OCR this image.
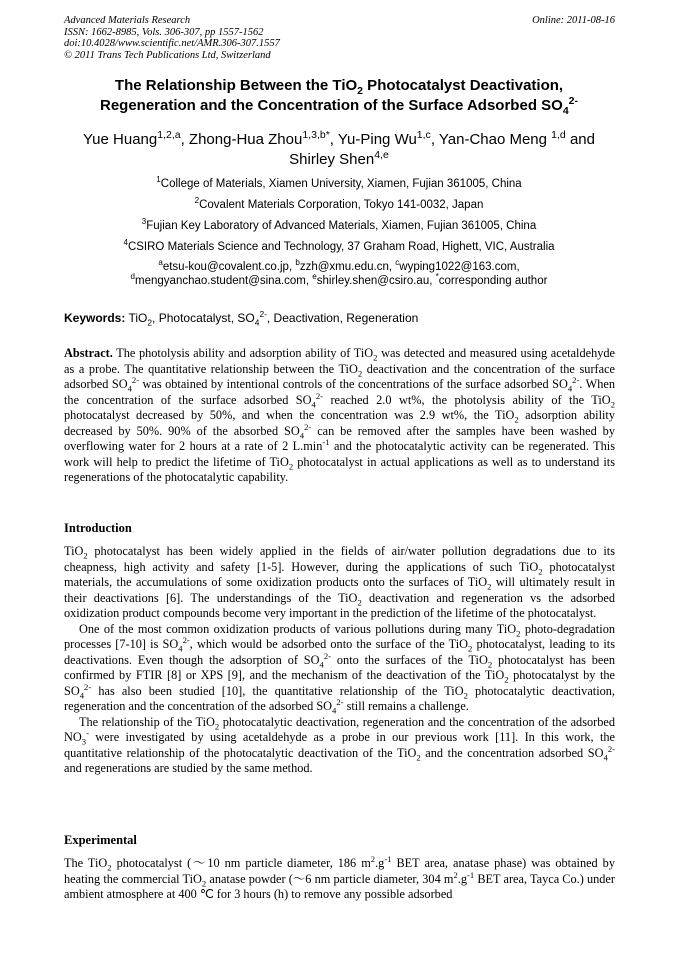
Advanced Materials Research
ISSN: 1662-8985, Vols. 306-307, pp 1557-1562
doi:10.4028/www.scientific.net/AMR.306-307.1557
© 2011 Trans Tech Publications Ltd, Switzerland
Online: 2011-08-16
The Relationship Between the TiO$_2$ Photocatalyst Deactivation,
Regeneration and the Concentration of the Surface Adsorbed $SO_4^{2-}$
Yue Huang$^{1,2,a}$, Zhong-Hua Zhou$^{1,3,b*}$, Yu-Ping Wu$^{1,c}$, Yan-Chao Meng $^{1,d}$ and
Shirley Shen$^{4,e}$
$^1$College of Materials, Xiamen University, Xiamen, Fujian 361005, China
$^2$Covalent Materials Corporation, Tokyo 141-0032, Japan
$^3$Fujian Key Laboratory of Advanced Materials, Xiamen, Fujian 361005, China
$^4$CSIRO Materials Science and Technology, 37 Graham Road, Highett, VIC, Australia
$^a$etsu-kou@covalent.co.jp, $^b$zzh@xmu.edu.cn, $^c$wyping1022@163.com,
$^d$mengyanchao.student@sina.com, $^e$shirley.shen@csiro.au, *corresponding author
Keywords: TiO$_2$, Photocatalyst, $SO_4^{2-}$, Deactivation, Regeneration

Abstract. The photolysis ability and adsorption ability of TiO$_2$ was detected and measured using acetaldehyde as a probe. The quantitative relationship between the TiO$_2$ deactivation and the concentration of the surface adsorbed $SO_4^{2-}$ was obtained by intentional controls of the concentrations of the surface adsorbed $SO_4^{2-}$. When the concentration of the surface adsorbed $SO_4^{2-}$ reached 2.0 wt%, the photolysis ability of the TiO$_2$ photocatalyst decreased by 50%, and when the concentration was 2.9 wt%, the TiO$_2$ adsorption ability decreased by 50%. 90% of the absorbed $SO_4^{2-}$ can be removed after the samples have been washed by overflowing water for 2 hours at a rate of 2 $L.\min^{-1}$ and the photocatalytic activity can be regenerated. This work will help to predict the lifetime of TiO$_2$ photocatalyst in actual applications as well as to understand its regenerations of the photocatalytic capability.

Introduction

TiO$_2$ photocatalyst has been widely applied in the fields of air/water pollution degradations due to its cheapness, high activity and safety [1-5]. However, during the applications of such TiO$_2$ photocatalyst materials, the accumulations of some oxidization products onto the surfaces of TiO$_2$ will ultimately result in their deactivations [6]. The understandings of the TiO$_2$ deactivation and regeneration vs the adsorbed oxidization product compounds become very important in the prediction of the lifetime of the photocatalyst.

One of the most common oxidization products of various pollutions during many TiO$_2$ photo-degradation processes [7-10] is $SO_4^{2-}$, which would be adsorbed onto the surface of the TiO$_2$ photocatalyst, leading to its deactivations. Even though the adsorption of $SO_4^{2-}$ onto the surfaces of the TiO$_2$ photocatalyst has been confirmed by FTIR [8] or XPS [9], and the mechanism of the deactivation of the TiO$_2$ photocatalyst by the $SO_4^{2-}$ has also been studied [10], the quantitative relationship of the TiO$_2$ photocatalytic deactivation, regeneration and the concentration of the adsorbed $SO_4^{2-}$ still remains a challenge.

The relationship of the TiO$_2$ photocatalytic deactivation, regeneration and the concentration of the adsorbed $NO_3^-$ were investigated by using acetaldehyde as a probe in our previous work [11]. In this work, the quantitative relationship of the photocatalytic deactivation of the TiO$_2$ and the concentration adsorbed $SO_4^{2-}$ and regenerations are studied by the same method.

Experimental

The TiO$_2$ photocatalyst (～10 nm particle diameter, 186 $m^2.g^{-1}$ BET area, anatase phase) was obtained by heating the commercial TiO$_2$ anatase powder (～6 nm particle diameter, 304 $m^2.g^{-1}$ BET area, Tayca Co.) under ambient atmosphere at 400 ℃ for 3 hours (h) to remove any possible adsorbed
